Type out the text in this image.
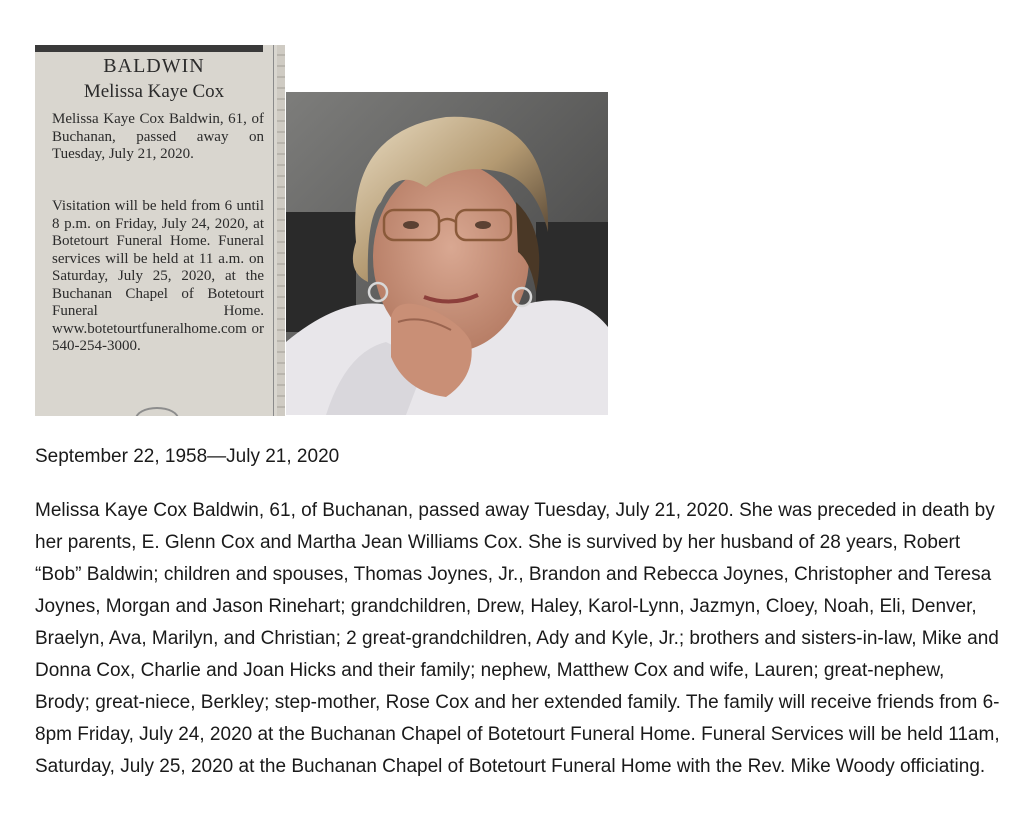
BALDWIN
Melissa Kaye Cox

Melissa Kaye Cox Baldwin, 61, of Buchanan, passed away on Tuesday, July 21, 2020.

Visitation will be held from 6 until 8 p.m. on Friday, July 24, 2020, at Botetourt Funeral Home. Funeral services will be held at 11 a.m. on Saturday, July 25, 2020, at the Buchanan Chapel of Botetourt Funeral Home. www.botetourtfuneralhome.com or 540-254-3000.

September 22, 1958—July 21, 2020

Melissa Kaye Cox Baldwin, 61, of Buchanan, passed away Tuesday, July 21, 2020. She was preceded in death by her parents, E. Glenn Cox and Martha Jean Williams Cox. She is survived by her husband of 28 years, Robert “Bob” Baldwin; children and spouses, Thomas Joynes, Jr., Brandon and Rebecca Joynes, Christopher and Teresa Joynes, Morgan and Jason Rinehart; grandchildren, Drew, Haley, Karol-Lynn, Jazmyn, Cloey, Noah, Eli, Denver, Braelyn, Ava, Marilyn, and Christian; 2 great-grandchildren, Ady and Kyle, Jr.; brothers and sisters-in-law, Mike and Donna Cox, Charlie and Joan Hicks and their family; nephew, Matthew Cox and wife, Lauren; great-nephew, Brody; great-niece, Berkley; step-mother, Rose Cox and her extended family. The family will receive friends from 6-8pm Friday, July 24, 2020 at the Buchanan Chapel of Botetourt Funeral Home. Funeral Services will be held 11am, Saturday, July 25, 2020 at the Buchanan Chapel of Botetourt Funeral Home with the Rev. Mike Woody officiating.
